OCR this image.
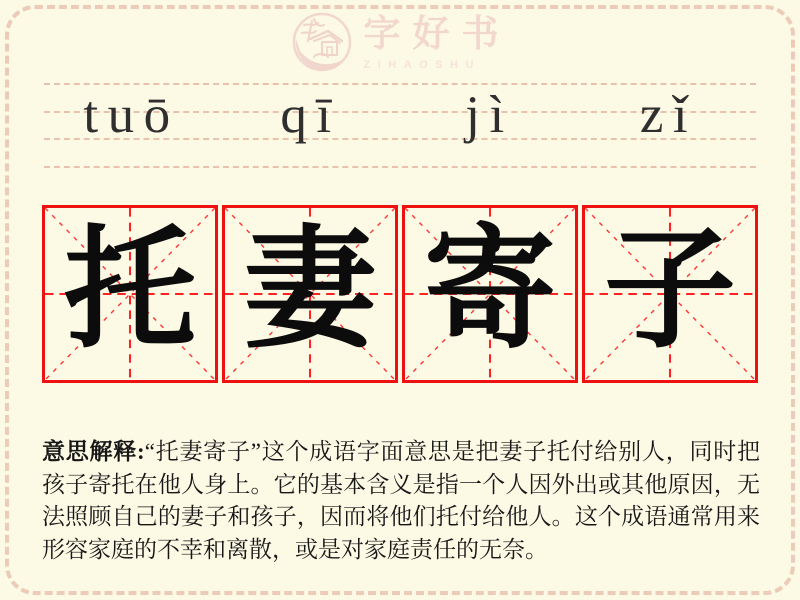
字好书
ZIHAOSHU
tuō	qī	jì	zǐ
托 妻 寄 子

意思解释:“托妻寄子”这个成语字面意思是把妻子托付给别人，同时把孩子寄托在他人身上。它的基本含义是指一个人因外出或其他原因，无法照顾自己的妻子和孩子，因而将他们托付给他人。这个成语通常用来形容家庭的不幸和离散，或是对家庭责任的无奈。
